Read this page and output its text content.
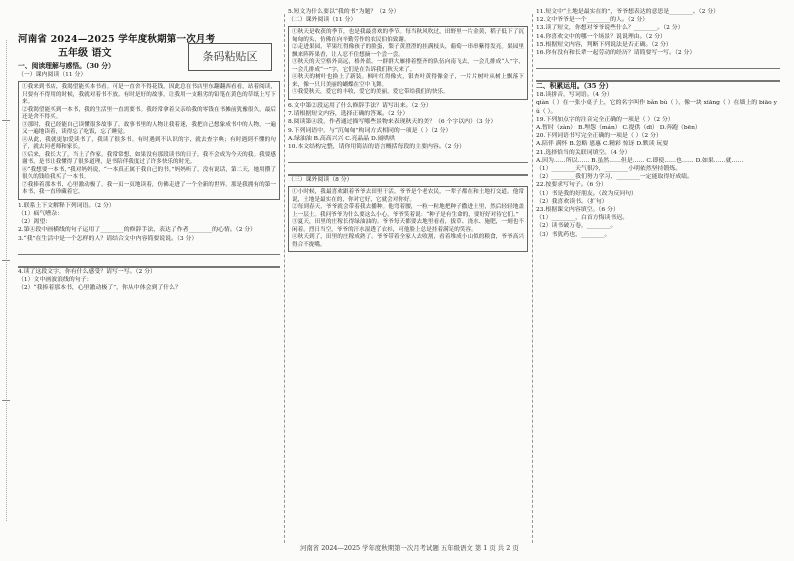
条码粘贴区
河南省 2024—2025 学年度秋期第一次月考
五年级 语文

一、阅读理解与感悟。（30 分）

（一）课内阅读（11 分）

①我来到书店，我渴望能买本书看。可是一直舍不得花钱，因此总在书店里东翻翻西看看，站着阅读，只要有不得用的时候，我就对着书不放。有时是好的故事，让我用一支粗劣的铅笔在黄色的草纸上写下来。

②我渴望能买到一本书，我的生活里一直需要书。我经常拿着父亲给我的零钱在书摊前犹豫很久，最后还是舍不得买。

③那时，我已经能自己读懂很多故事了。故事书里的人物让我着迷，我把自己想象成书中的人物，一遍又一遍地读着，读得忘了吃饭，忘了睡觉。

④从此，我就更加爱读书了，我读了很多书。有时遇到不认识的字，就去查字典；有时遇到不懂的句子，就去问老师和家长。

⑤后来，我长大了，当上了作家。我常常想，如果没有那段读书的日子，我不会成为今天的我。我要感谢书，是书让我懂得了很多道理，是书陪伴我度过了许多快乐的时光。

⑥“我想要一本书，”我对妈妈说，“一本真正属于我自己的书。”妈妈听了，没有说话，第二天，她用攒了很久的钱给我买了一本书。

⑦我捧着那本书，心里激动极了。我一页一页地读着，仿佛走进了一个全新的世界。那是我拥有的第一本书，我一直珍藏着它。

1.联系上下文解释下列词语。（2 分）

（1）疯气嘈杂：

（2）渴望：

2.第④段中画横线的句子运用了________的修辞手法，表达了作者________的心情。（2 分）

3.“我”在生活中是一个怎样的人？请结合文中内容简要说说。（3 分）

4.读了这段文字，你有什么感受？请写一写。（2 分）

（1）文中画波浪线的句子：

（2）“我捧着那本书，心里激动极了”，你从中体会到了什么？

5.短文为什么要以“我的书”为题？（2 分）

（二）课外阅读（11 分）

①秋天是收获的季节，也是我最喜欢的季节。每当秋风吹过，田野里一片金黄，稻子低下了沉甸甸的头，仿佛在向辛勤劳作的农民伯伯致谢。

②走进果园，苹果红得像孩子的脸蛋，梨子黄澄澄的挂满枝头，葡萄一串串紫得发亮。果园里飘来阵阵果香，让人忍不住想摘一个尝一尝。

③秋天的天空格外高远，格外蓝。一群群大雁排着整齐的队伍向南飞去，一会儿排成“人”字，一会儿排成“一”字，它们是在告诉我们秋天来了。

④秋天的树叶也换上了新装。枫叶红得像火，银杏叶黄得像金子，一片片树叶从树上飘落下来，像一只只美丽的蝴蝶在空中飞舞。

⑤我爱秋天，爱它的丰收，爱它的美丽，爱它带给我们的快乐。

6.文中第②段运用了什么修辞手法？请写出来。（2 分）

7.请根据短文内容，选择正确的答案。（2 分）

8.阅读第④段，作者通过描写哪些景物来表现秋天的美？（6 个字以内）（3 分）

9.下列词语中，与“沉甸甸”构词方式相同的一项是（ ）（2 分）

A.绿油油 B.高高兴兴 C.亮晶晶 D.闹哄哄

10.本文结构完整，请你用简洁的语言概括每段的主要内容。（2 分）

（三）课外阅读（8 分）

①小时候，我最喜欢跟着爷爷去田里干活。爷爷是个老农民，一辈子都在和土地打交道。他常说，土地是最实在的，你对它好，它就会对你好。

②每到春天，爷爷就会带着我去播种。他弯着腰，一粒一粒地把种子撒进土里，然后轻轻地盖上一层土。我问爷爷为什么要这么小心，爷爷笑着说：“种子是有生命的，要好好对待它们。”

③夏天，田里的庄稼长得绿油油的。爷爷每天都要去地里看看，拔草、浇水、施肥，一刻也不闲着。烈日当空，爷爷的汗水湿透了衣衫，可他脸上总是挂着满足的笑容。

④秋天到了，田里的庄稼成熟了。爷爷带着全家人去收割，看着堆成小山似的粮食，爷爷高兴得合不拢嘴。

11.短文中“土地是最实在的”，爷爷想表达的意思是________。（2 分）

12.文中爷爷是一个________的人。（2 分）

13.读了短文，你想对爷爷说些什么？________。（2 分）

14.你喜欢文中的哪一个场景？说说理由。（2 分）

15.根据短文内容，判断下列说法是否正确。（2 分）

16.你有没有和长辈一起劳动的经历？请简要写一写。（2 分）

二、积累运用。（35 分）

18.读拼音，写词语。（4 分）

qiàn（ ）在一张小桌子上，它的名字叫作 bǎn bù（ ），像一块 xiāng（ ）在墙上的 biāo yǔ（ ）。

19.下列加点字的注音完全正确的一项是（ ）（2 分）

A.暂时（zàn） B.埋怨（mán） C.提供（dī） D.奔跑（bēn）

20.下列词语书写完全正确的一项是（ ）（2 分）

A.陪伴 满怀 B.忽略 恩惠 C.精彩 惊讶 D.默读 玩耍

21.选择恰当的关联词填空。（4 分）

A.因为……所以…… B.虽然……但是…… C.即使……也…… D.如果……就……

（1）________天气很冷，________小明依然坚持锻炼。

（2）________我们努力学习，________一定能取得好成绩。

22.按要求写句子。（6 分）

（1）书是我的好朋友。（改为反问句）

（2）我喜欢读书。（扩句）

23.根据课文内容填空。（6 分）

（1）________，白首方悔读书迟。

（2）读书破万卷，________。

（3）书犹药也，________。

河南省 2024—2025 学年度秋期第一次月考试题 五年级语文 第 1 页 共 2 页
